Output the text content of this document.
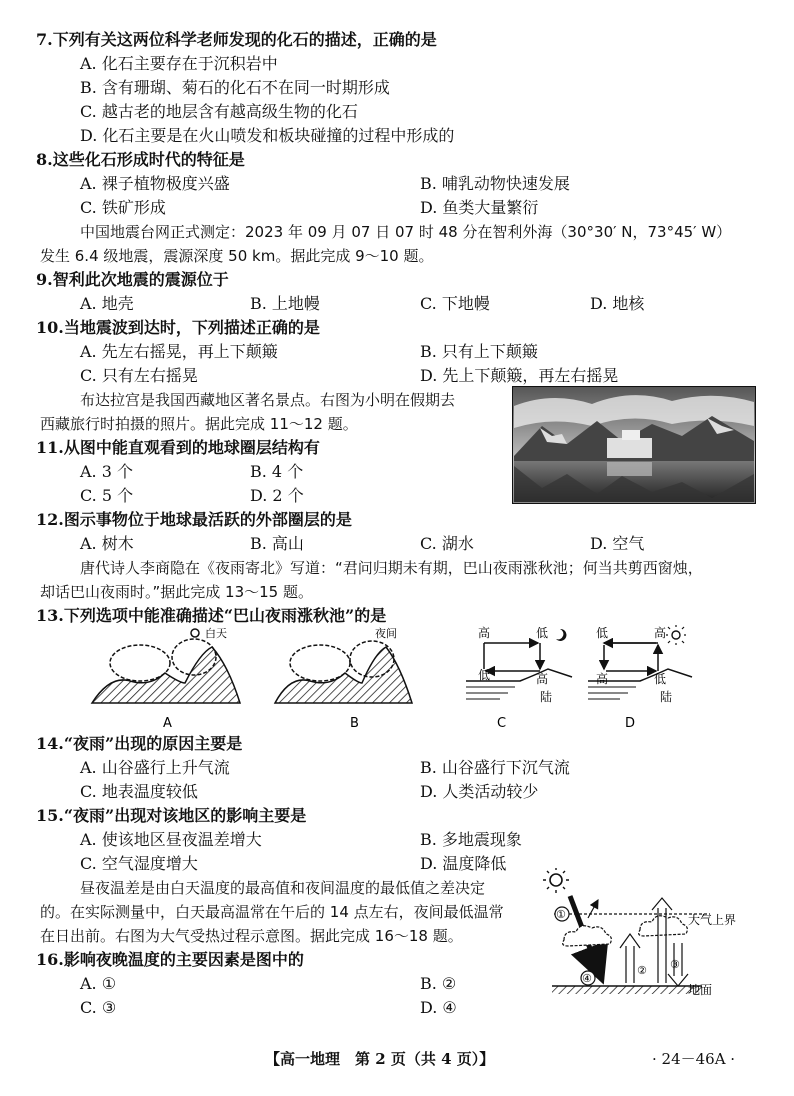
7.下列有关这两位科学老师发现的化石的描述，正确的是
A. 化石主要存在于沉积岩中
B. 含有珊瑚、菊石的化石不在同一时期形成
C. 越古老的地层含有越高级生物的化石
D. 化石主要是在火山喷发和板块碰撞的过程中形成的
8.这些化石形成时代的特征是
A. 裸子植物极度兴盛	B. 哺乳动物快速发展
C. 铁矿形成	D. 鱼类大量繁衍
中国地震台网正式测定：2023 年 09 月 07 日 07 时 48 分在智利外海（30°30′ N，73°45′ W）
发生 6.4 级地震，震源深度 50 km。据此完成 9～10 题。
9.智利此次地震的震源位于
A. 地壳	B. 上地幔	C. 下地幔	D. 地核
10.当地震波到达时，下列描述正确的是
A. 先左右摇晃，再上下颠簸	B. 只有上下颠簸
C. 只有左右摇晃	D. 先上下颠簸，再左右摇晃
布达拉宫是我国西藏地区著名景点。右图为小明在假期去
西藏旅行时拍摄的照片。据此完成 11～12 题。
11.从图中能直观看到的地球圈层结构有
A. 3 个	B. 4 个
C. 5 个	D. 2 个
12.图示事物位于地球最活跃的外部圈层的是
A. 树木	B. 高山	C. 湖水	D. 空气
唐代诗人李商隐在《夜雨寄北》写道：“君问归期未有期，巴山夜雨涨秋池；何当共剪西窗烛，
却话巴山夜雨时。”据此完成 13～15 题。
13.下列选项中能准确描述“巴山夜雨涨秋池”的是
白天
A
夜间
B
高	低
低	高
陆
C
低	高
高	低
陆
D
14.“夜雨”出现的原因主要是
A. 山谷盛行上升气流	B. 山谷盛行下沉气流
C. 地表温度较低	D. 人类活动较少
15.“夜雨”出现对该地区的影响主要是
A. 使该地区昼夜温差增大	B. 多地震现象
C. 空气湿度增大	D. 温度降低
昼夜温差是由白天温度的最高值和夜间温度的最低值之差决定
的。在实际测量中，白天最高温常在午后的 14 点左右，夜间最低温常
在日出前。右图为大气受热过程示意图。据此完成 16～18 题。
16.影响夜晚温度的主要因素是图中的
A. ①	B. ②
C. ③	D. ④
大气上界
①
④
② ③
地面
【高一地理　第 2 页（共 4 页）】	· 24－46A ·
